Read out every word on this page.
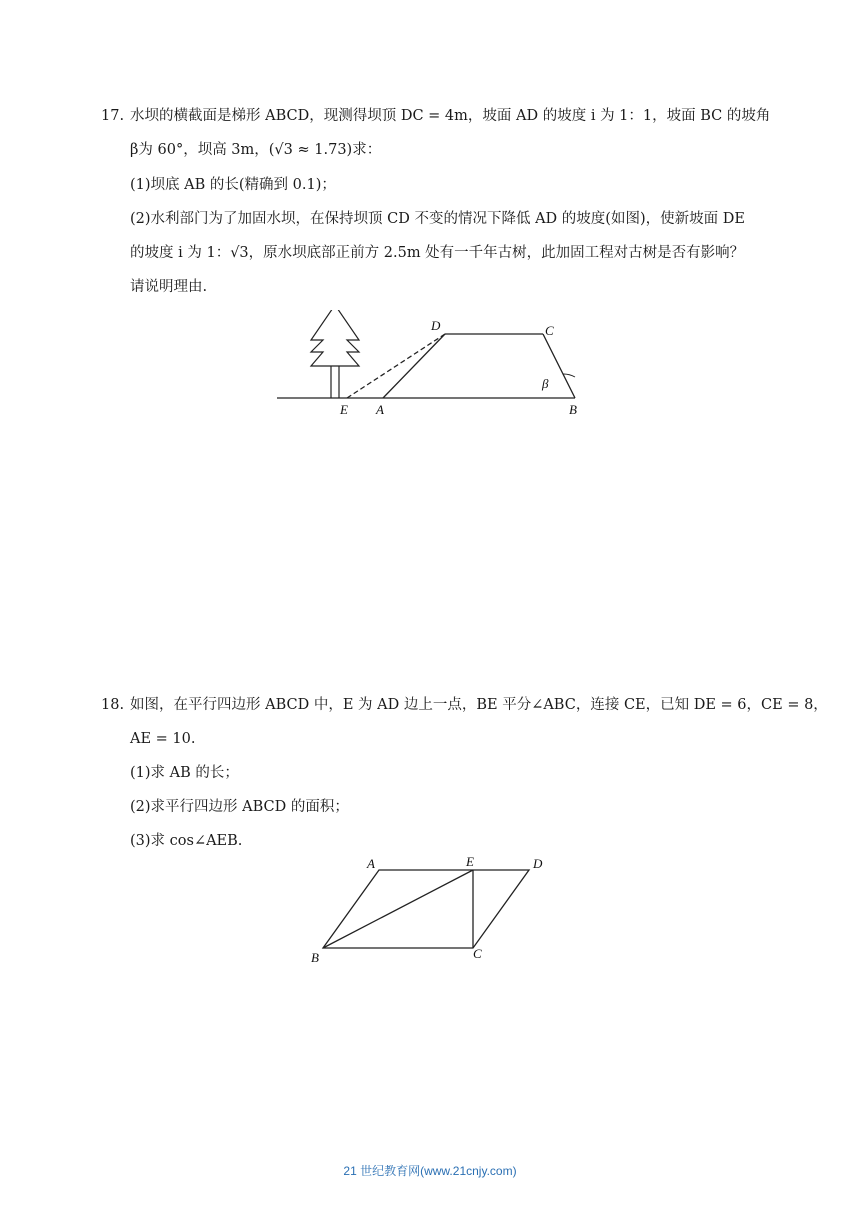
17. 水坝的横截面是梯形 ABCD，现测得坝顶 DC = 4m，坡面 AD 的坡度 i 为 1：1，坡面 BC 的坡角
β为 60°，坝高 3m，(√3 ≈ 1.73)求：
(1)坝底 AB 的长(精确到 0.1)；
(2)水利部门为了加固水坝，在保持坝顶 CD 不变的情况下降低 AD 的坡度(如图)，使新坡面 DE
的坡度 i 为 1：√3，原水坝底部正前方 2.5m 处有一千年古树，此加固工程对古树是否有影响？
请说明理由.
D	C
β
E A	B
18. 如图，在平行四边形 ABCD 中，E 为 AD 边上一点，BE 平分∠ABC，连接 CE，已知 DE = 6，CE = 8，
AE = 10.
(1)求 AB 的长；
(2)求平行四边形 ABCD 的面积；
(3)求 cos∠AEB.
A	E	D
B	C
21 世纪教育网(www.21cnjy.com)
